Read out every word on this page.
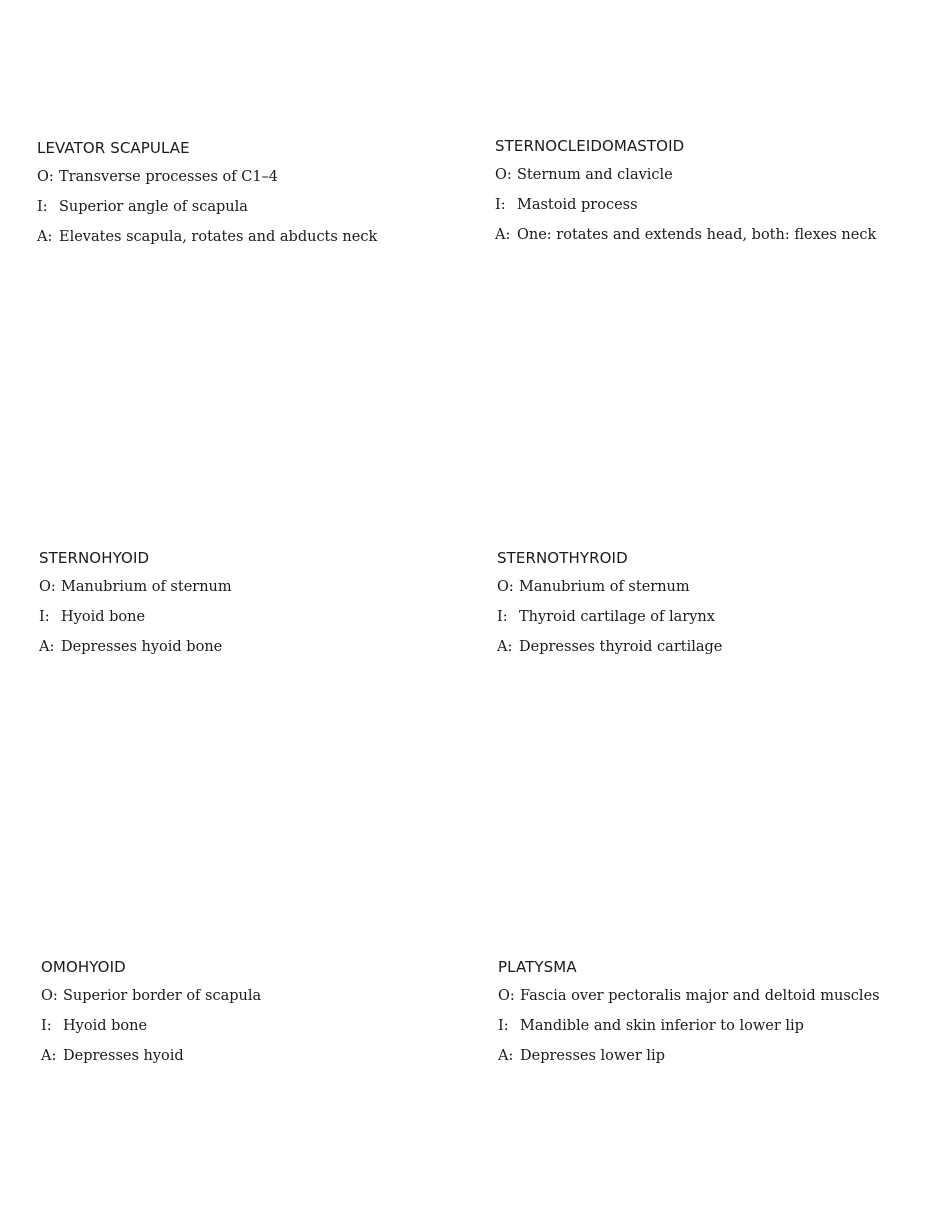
LEVATOR SCAPULAE
O: Transverse processes of C1–4
I: Superior angle of scapula
A: Elevates scapula, rotates and abducts neck
STERNOCLEIDOMASTOID
O: Sternum and clavicle
I: Mastoid process
A: One: rotates and extends head, both: flexes neck
STERNOHYOID
O: Manubrium of sternum
I: Hyoid bone
A: Depresses hyoid bone
STERNOTHYROID
O: Manubrium of sternum
I: Thyroid cartilage of larynx
A: Depresses thyroid cartilage
OMOHYOID
O: Superior border of scapula
I: Hyoid bone
A: Depresses hyoid
PLATYSMA
O: Fascia over pectoralis major and deltoid muscles
I: Mandible and skin inferior to lower lip
A: Depresses lower lip
